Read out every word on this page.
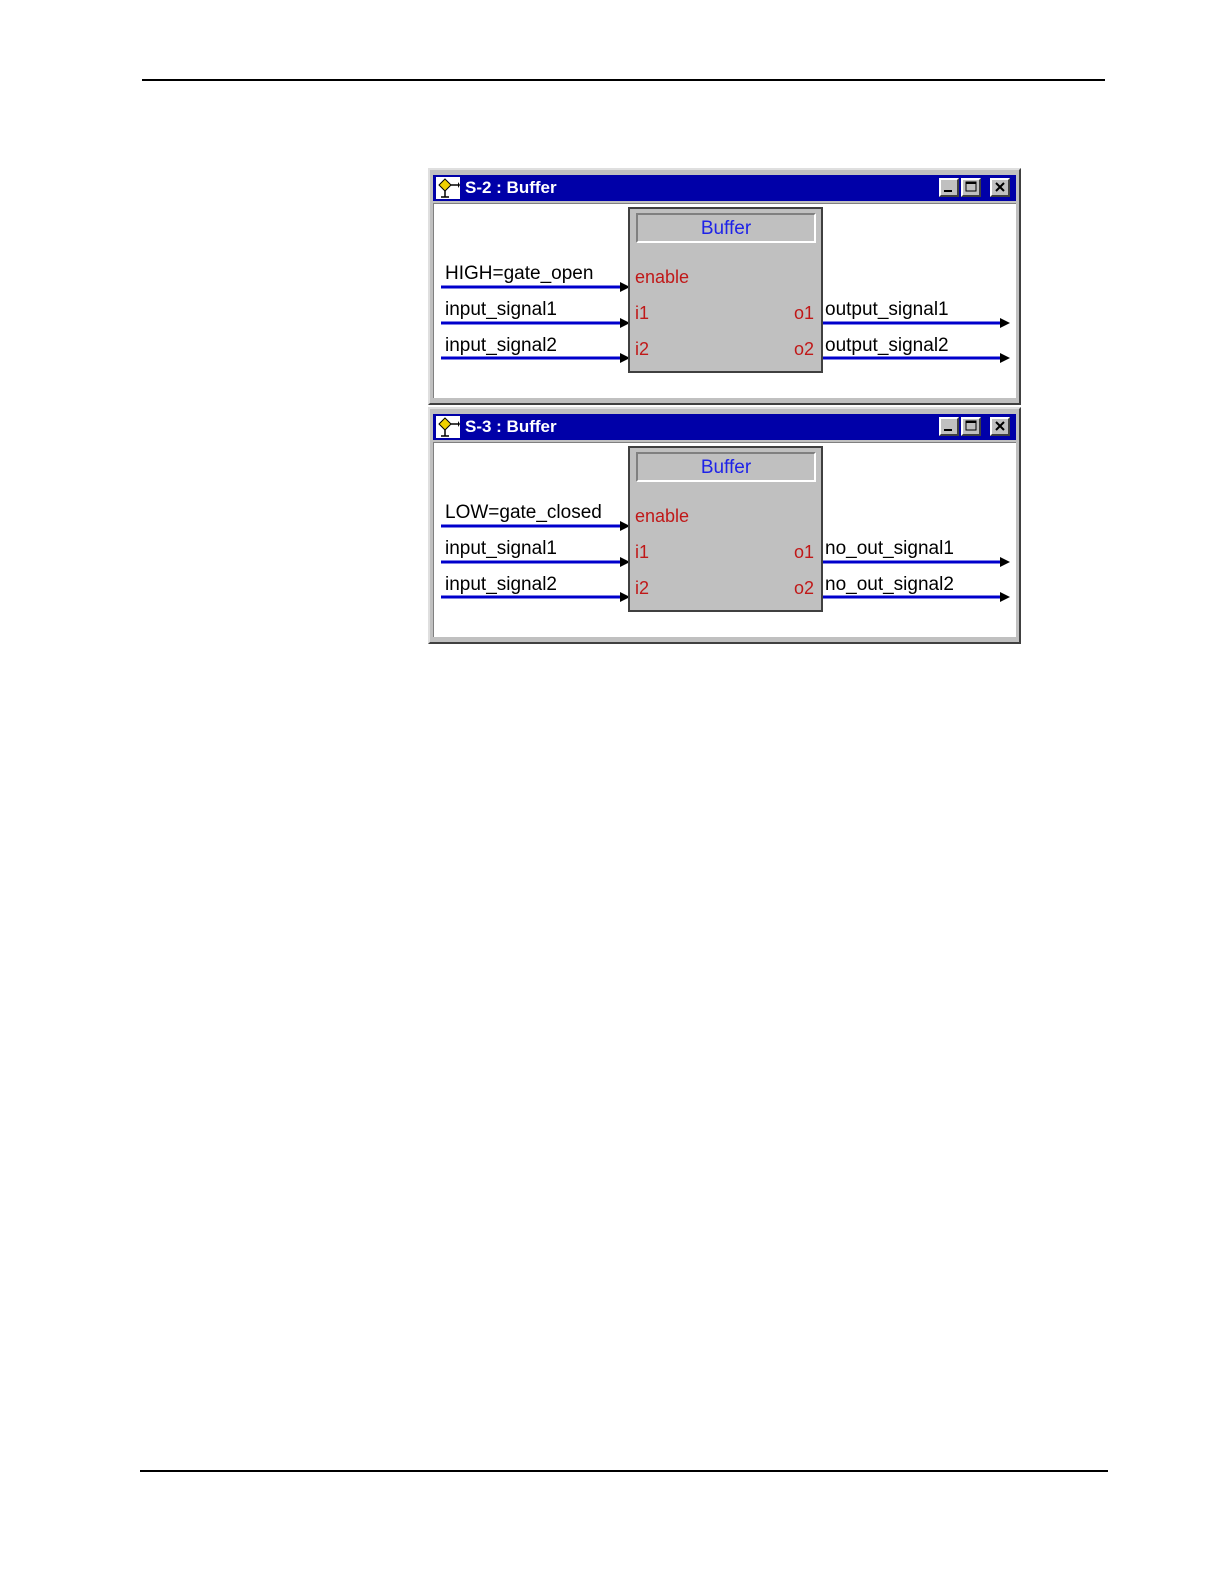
S-2 : Buffer
HIGH=gate_open
input_signal1
input_signal2
output_signal1
output_signal2
Buffer
enable
i1
i2
o1
o2
S-3 : Buffer
LOW=gate_closed
input_signal1
input_signal2
no_out_signal1
no_out_signal2
Buffer
enable
i1
i2
o1
o2
